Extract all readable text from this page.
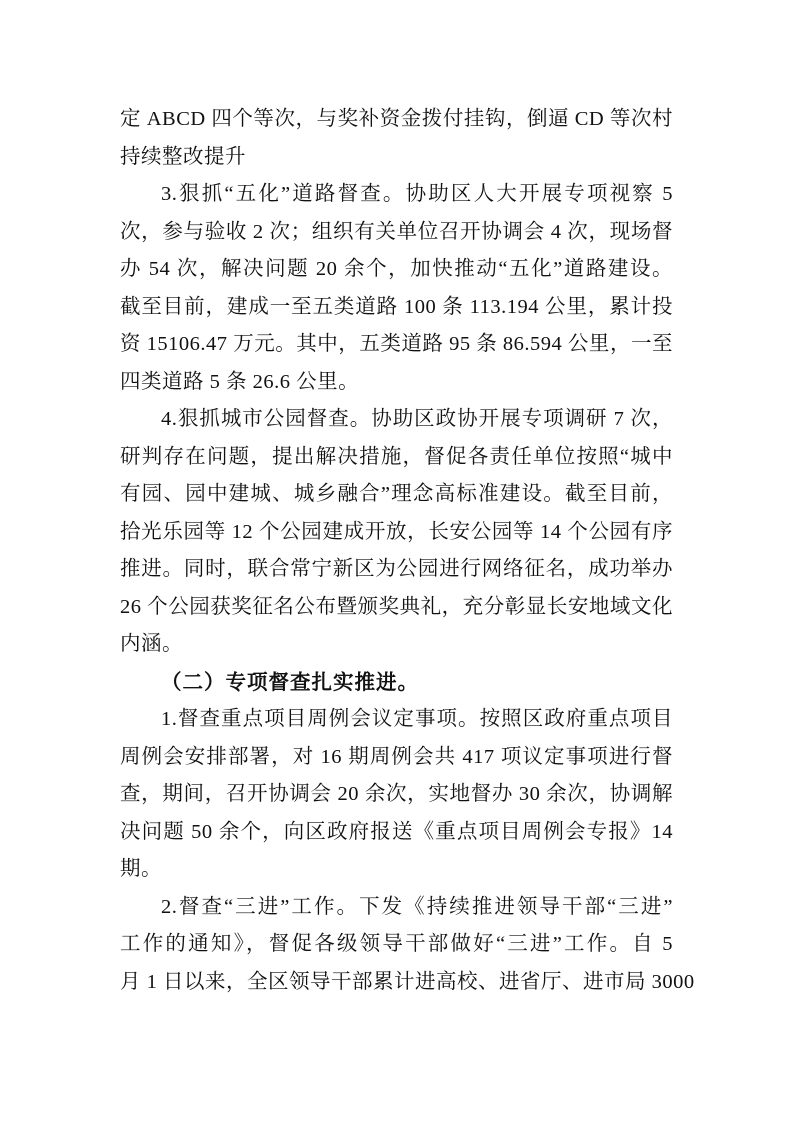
定 ABCD 四个等次，与奖补资金拨付挂钩，倒逼 CD 等次村
持续整改提升
3.狠抓“五化”道路督查。协助区人大开展专项视察 5
次，参与验收 2 次；组织有关单位召开协调会 4 次，现场督
办 54 次，解决问题 20 余个，加快推动“五化”道路建设。
截至目前，建成一至五类道路 100 条 113.194 公里，累计投
资 15106.47 万元。其中，五类道路 95 条 86.594 公里，一至
四类道路 5 条 26.6 公里。
4.狠抓城市公园督查。协助区政协开展专项调研 7 次，
研判存在问题，提出解决措施，督促各责任单位按照“城中
有园、园中建城、城乡融合”理念高标准建设。截至目前，
拾光乐园等 12 个公园建成开放，长安公园等 14 个公园有序
推进。同时，联合常宁新区为公园进行网络征名，成功举办
26 个公园获奖征名公布暨颁奖典礼，充分彰显长安地域文化
内涵。
（二）专项督查扎实推进。
1.督查重点项目周例会议定事项。按照区政府重点项目
周例会安排部署，对 16 期周例会共 417 项议定事项进行督
查，期间，召开协调会 20 余次，实地督办 30 余次，协调解
决问题 50 余个，向区政府报送《重点项目周例会专报》14
期。
2.督查“三进”工作。下发《持续推进领导干部“三进”
工作的通知》，督促各级领导干部做好“三进”工作。自 5
月 1 日以来，全区领导干部累计进高校、进省厅、进市局 3000
